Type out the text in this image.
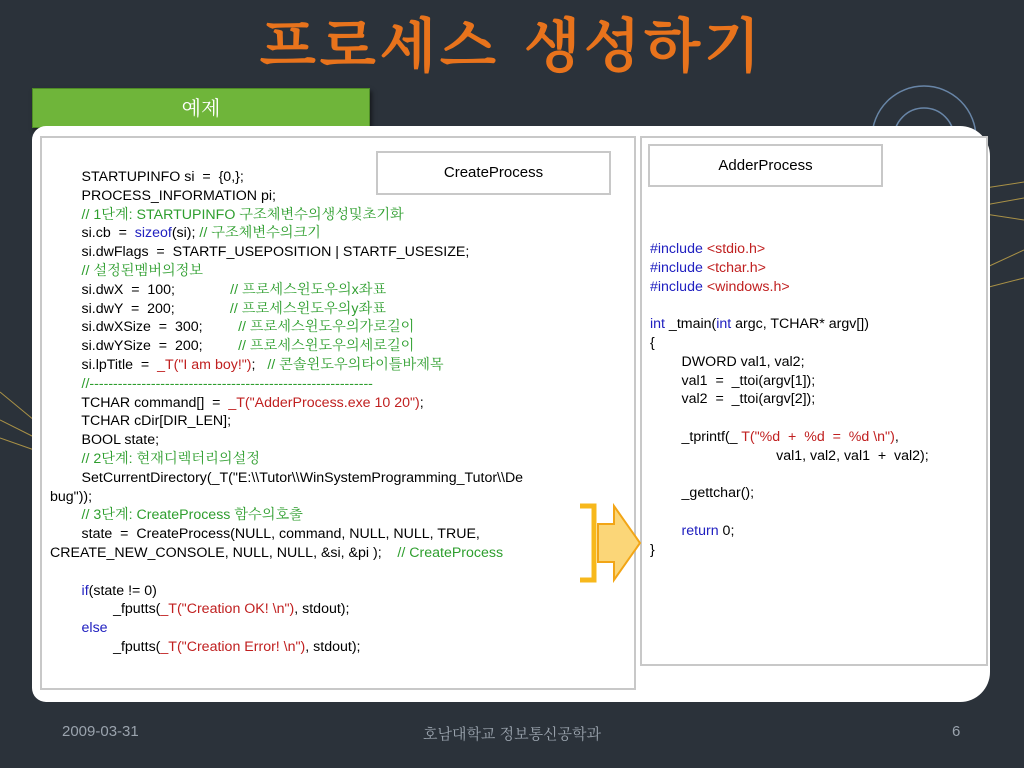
프로세스 생성하기
예제
CreateProcess	AdderProcess
STARTUPINFO si  =  {0,};
PROCESS_INFORMATION pi;
// 1단계: STARTUPINFO 구조체변수의생성및초기화
si.cb  =  sizeof(si); // 구조체변수의크기
si.dwFlags  =  STARTF_USEPOSITION | STARTF_USESIZE;
// 설정된멤버의정보
si.dwX  =  100;              // 프로세스윈도우의x좌표
si.dwY  =  200;              // 프로세스윈도우의y좌표
si.dwXSize  =  300;         // 프로세스윈도우의가로길이
si.dwYSize  =  200;         // 프로세스윈도우의세로길이
si.lpTitle  =  _T("I am boy!");   // 콘솔윈도우의타이틀바제목
//------------------------------------------------------------
TCHAR command[]  =  _T("AdderProcess.exe 10 20");
TCHAR cDir[DIR_LEN];
BOOL state;
// 2단계: 현재디렉터리의설정
SetCurrentDirectory(_T("E:\\Tutor\\WinSystemProgramming_Tutor\\De
bug"));
// 3단계: CreateProcess 함수의호출
state  =  CreateProcess(NULL, command, NULL, NULL, TRUE,
CREATE_NEW_CONSOLE, NULL, NULL, &si, &pi );    // CreateProcess
if(state != 0)
_fputts(_T("Creation OK! \n"), stdout);
else
_fputts(_T("Creation Error! \n"), stdout);
#include <stdio.h>
#include <tchar.h>
#include <windows.h>
int _tmain(int argc, TCHAR* argv[])
{
DWORD val1, val2;
val1  =  _ttoi(argv[1]);
val2  =  _ttoi(argv[2]);
_tprintf(_ T("%d  +  %d  =  %d \n"),
val1, val2, val1  +  val2);
_gettchar();
return 0;
}
2009-03-31	호남대학교 정보통신공학과	6
